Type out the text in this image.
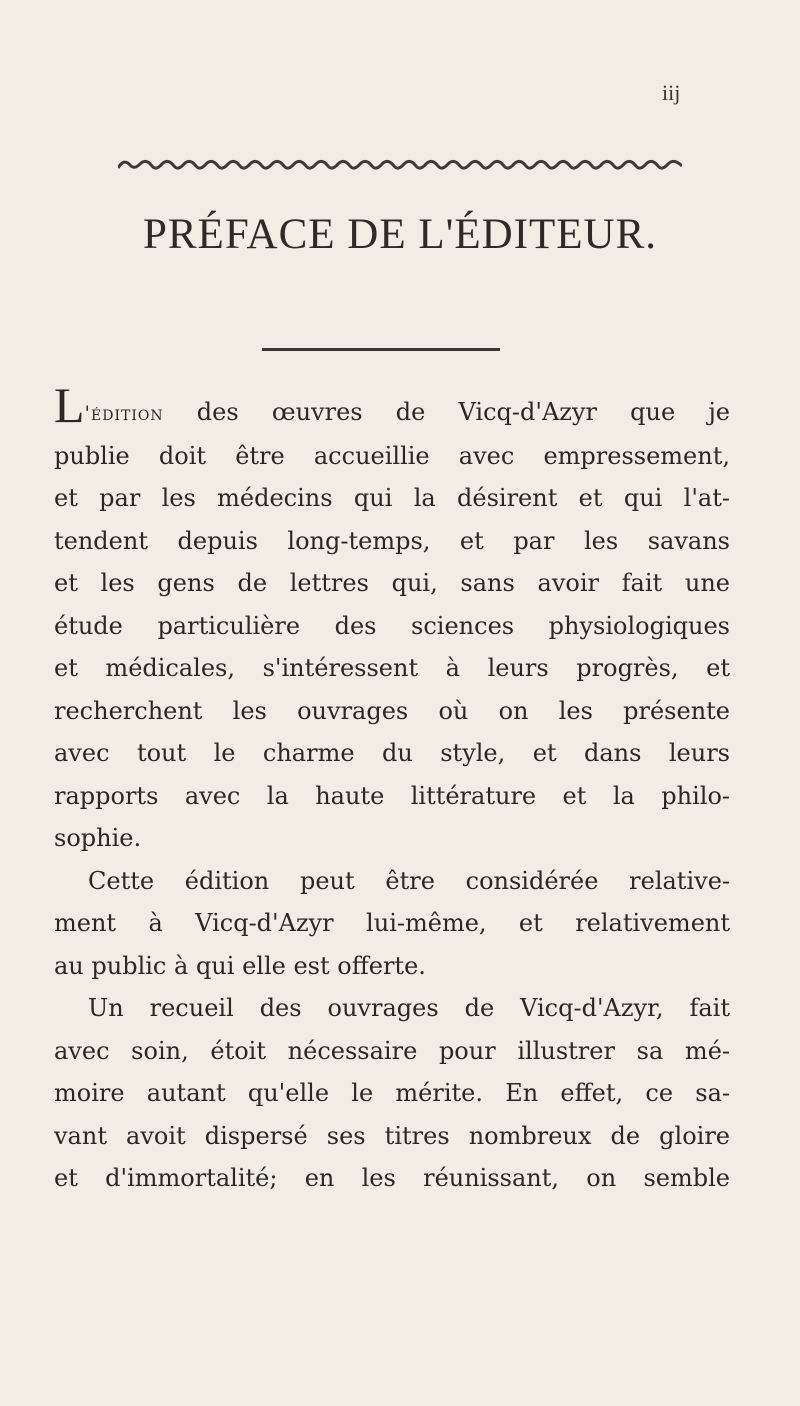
iij
PRÉFACE DE L'ÉDITEUR.
L'édition des œuvres de Vicq-d'Azyr que je
publie doit être accueillie avec empressement,
et par les médecins qui la désirent et qui l'at-
tendent depuis long-temps, et par les savans
et les gens de lettres qui, sans avoir fait une
étude particulière des sciences physiologiques
et médicales, s'intéressent à leurs progrès, et
recherchent les ouvrages où on les présente
avec tout le charme du style, et dans leurs
rapports avec la haute littérature et la philo-
sophie.
Cette édition peut être considérée relative-
ment à Vicq-d'Azyr lui-même, et relativement
au public à qui elle est offerte.
Un recueil des ouvrages de Vicq-d'Azyr, fait
avec soin, étoit nécessaire pour illustrer sa mé-
moire autant qu'elle le mérite. En effet, ce sa-
vant avoit dispersé ses titres nombreux de gloire
et d'immortalité; en les réunissant, on semble
